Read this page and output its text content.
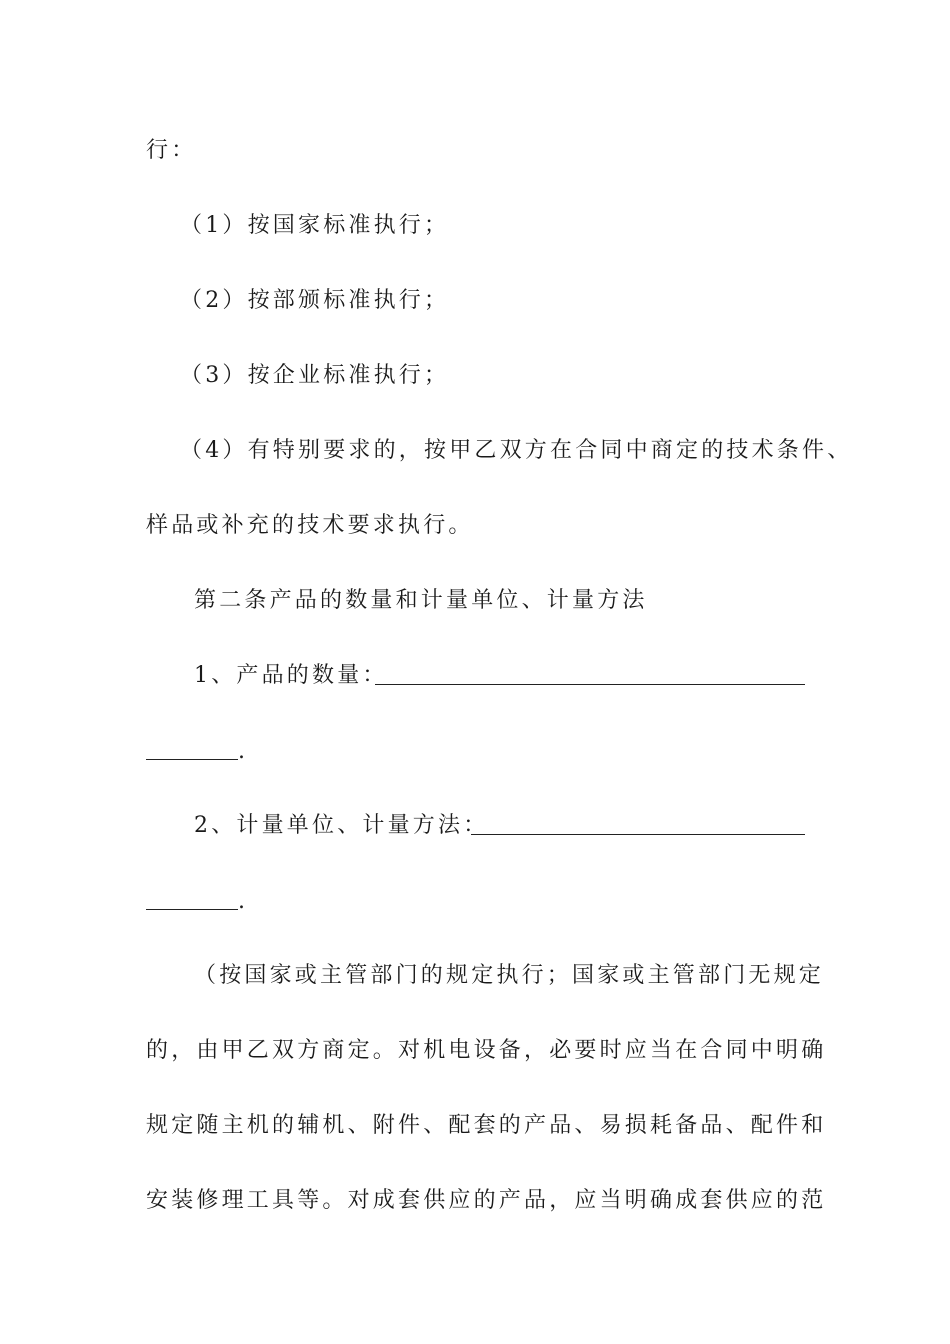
行：
（1）按国家标准执行；
（2）按部颁标准执行；
（3）按企业标准执行；
（4）有特别要求的，按甲乙双方在合同中商定的技术条件、
样品或补充的技术要求执行。
第二条产品的数量和计量单位、计量方法
1、产品的数量：
.
2、计量单位、计量方法：
.
（按国家或主管部门的规定执行；国家或主管部门无规定
的，由甲乙双方商定。对机电设备，必要时应当在合同中明确
规定随主机的辅机、附件、配套的产品、易损耗备品、配件和
安装修理工具等。对成套供应的产品，应当明确成套供应的范
